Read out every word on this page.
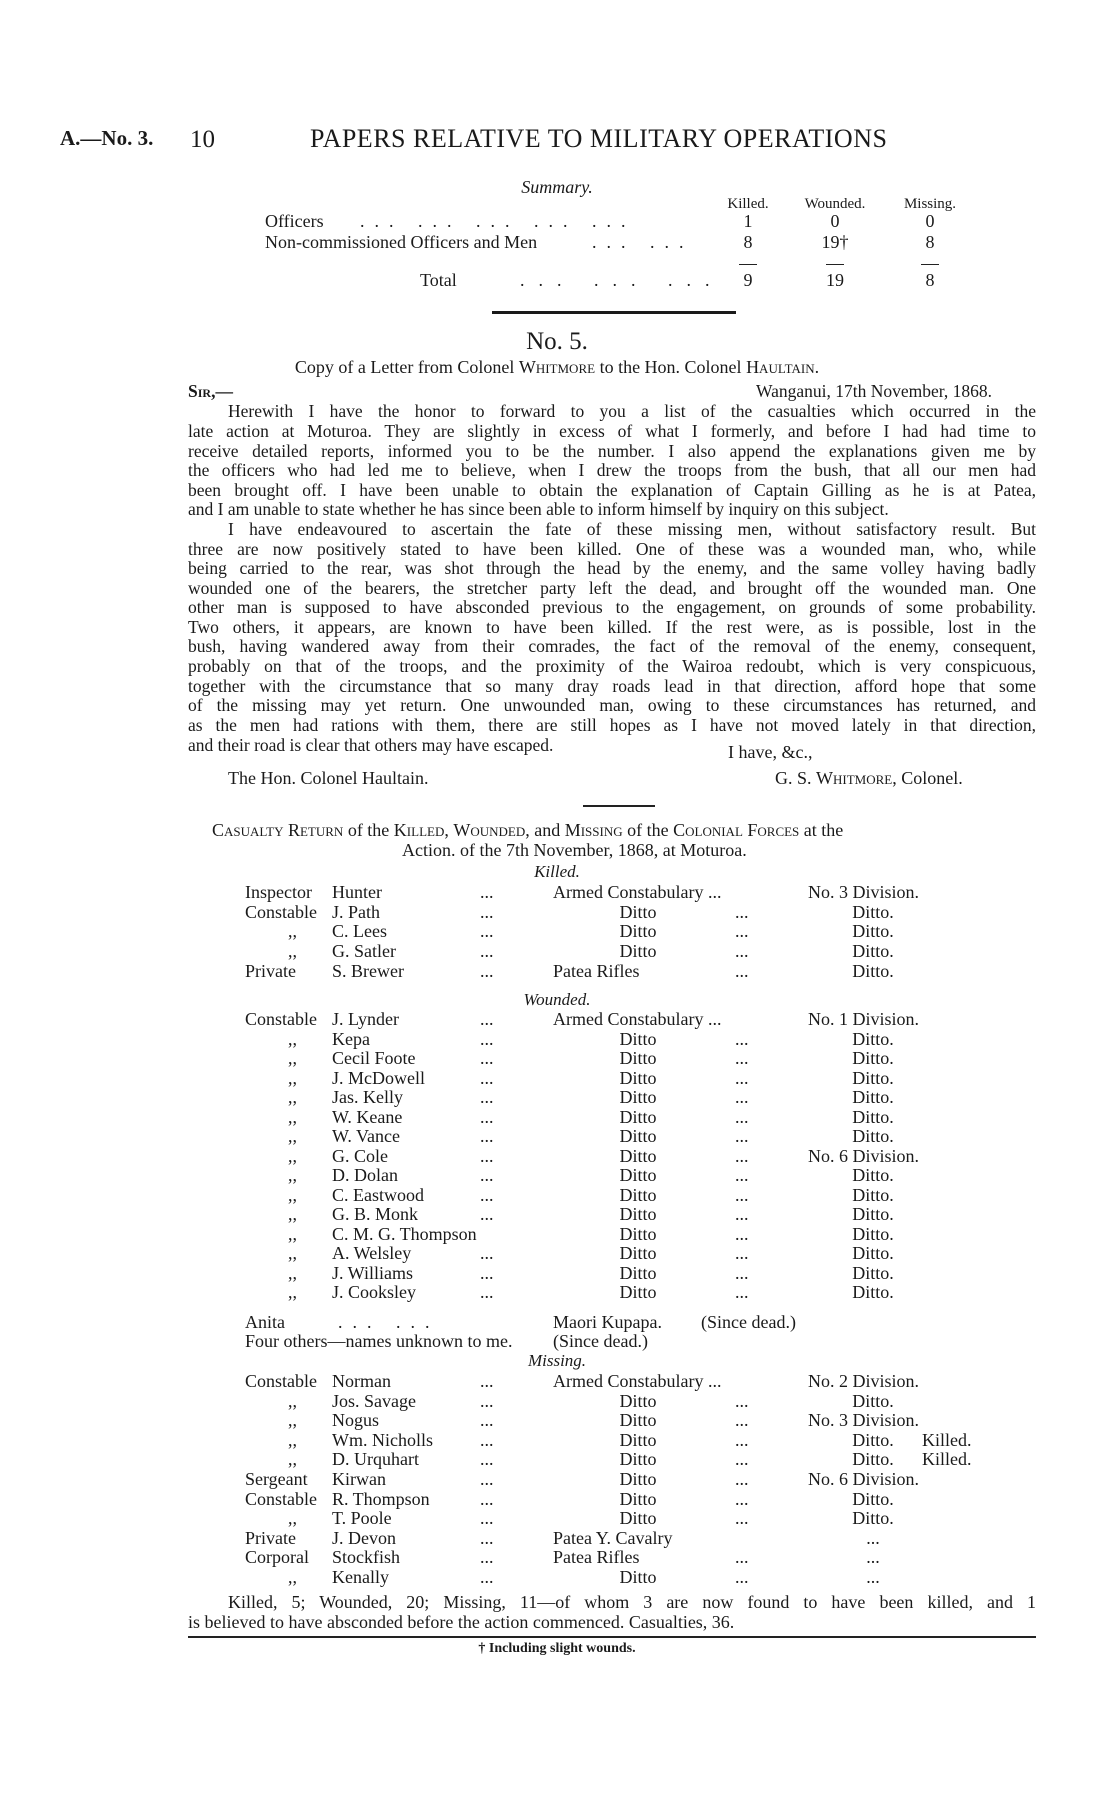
A.—No. 3. 10	PAPERS RELATIVE TO MILITARY OPERATIONS
Summary.
Killed.	Wounded.	Missing.
Officers ... ... ... ... ...	1	0	0
Non-commissioned Officers and Men	... ...	8	19†	8
Total	... ... ...	9	19	8
No. 5.
Copy of a Letter from Colonel Whitmore to the Hon. Colonel Haultain.
Sir,—	Wanganui, 17th November, 1868.
Herewith I have the honor to forward to you a list of the casualties which occurred in the
late action at Moturoa. They are slightly in excess of what I formerly, and before I had had time to
receive detailed reports, informed you to be the number. I also append the explanations given me by
the officers who had led me to believe, when I drew the troops from the bush, that all our men had
been brought off. I have been unable to obtain the explanation of Captain Gilling as he is at Patea,
and I am unable to state whether he has since been able to inform himself by inquiry on this subject.
I have endeavoured to ascertain the fate of these missing men, without satisfactory result. But
three are now positively stated to have been killed. One of these was a wounded man, who, while
being carried to the rear, was shot through the head by the enemy, and the same volley having badly
wounded one of the bearers, the stretcher party left the dead, and brought off the wounded man. One
other man is supposed to have absconded previous to the engagement, on grounds of some probability.
Two others, it appears, are known to have been killed. If the rest were, as is possible, lost in the
bush, having wandered away from their comrades, the fact of the removal of the enemy, consequent,
probably on that of the troops, and the proximity of the Wairoa redoubt, which is very conspicuous,
together with the circumstance that so many dray roads lead in that direction, afford hope that some
of the missing may yet return. One unwounded man, owing to these circumstances has returned, and
as the men had rations with them, there are still hopes as I have not moved lately in that direction,
and their road is clear that others may have escaped.	I have, &c.,
The Hon. Colonel Haultain.	G. S. Whitmore, Colonel.
Casualty Return of the Killed, Wounded, and Missing of the Colonial Forces at the
Action. of the 7th November, 1868, at Moturoa.
Killed.
Inspector Hunter	...	Armed Constabulary ...	No. 3 Division.
Constable J. Path	...	Ditto	...	Ditto.
,, C. Lees	...	Ditto	...	Ditto.
,, G. Satler	...	Ditto	...	Ditto.
Private S. Brewer	...	Patea Rifles	...	Ditto.
Wounded.
Constable J. Lynder	...	Armed Constabulary ...	No. 1 Division.
,, Kepa	...	Ditto	...	Ditto.
,, Cecil Foote	...	Ditto	...	Ditto.
,, J. McDowell	...	Ditto	...	Ditto.
,, Jas. Kelly	...	Ditto	...	Ditto.
,, W. Keane	...	Ditto	...	Ditto.
,, W. Vance	...	Ditto	...	Ditto.
,, G. Cole	...	Ditto	...	No. 6 Division.
,, D. Dolan	...	Ditto	...	Ditto.
,, C. Eastwood	...	Ditto	...	Ditto.
,, G. B. Monk	...	Ditto	...	Ditto.
,, C. M. G. Thompson	Ditto	...	Ditto.
,, A. Welsley	...	Ditto	...	Ditto.
,, J. Williams	...	Ditto	...	Ditto.
,, J. Cooksley	...	Ditto	...	Ditto.
Anita	... ...	Maori Kupapa. (Since dead.)
Four others—names unknown to me. (Since dead.)
Missing.
Constable Norman	...	Armed Constabulary ...	No. 2 Division.
,, Jos. Savage	...	Ditto	...	Ditto.
,, Nogus	...	Ditto	...	No. 3 Division.
,, Wm. Nicholls	...	Ditto	...	Ditto.	Killed.
,, D. Urquhart	...	Ditto	...	Ditto.	Killed.
Sergeant Kirwan	...	Ditto	...	No. 6 Division.
Constable R. Thompson	...	Ditto	...	Ditto.
,, T. Poole	...	Ditto	...	Ditto.
Private J. Devon	...	Patea Y. Cavalry	...
Corporal Stockfish	...	Patea Rifles	...	...
,, Kenally	...	Ditto	...	...
Killed, 5; Wounded, 20; Missing, 11—of whom 3 are now found to have been killed, and 1
is believed to have absconded before the action commenced. Casualties, 36.
† Including slight wounds.
